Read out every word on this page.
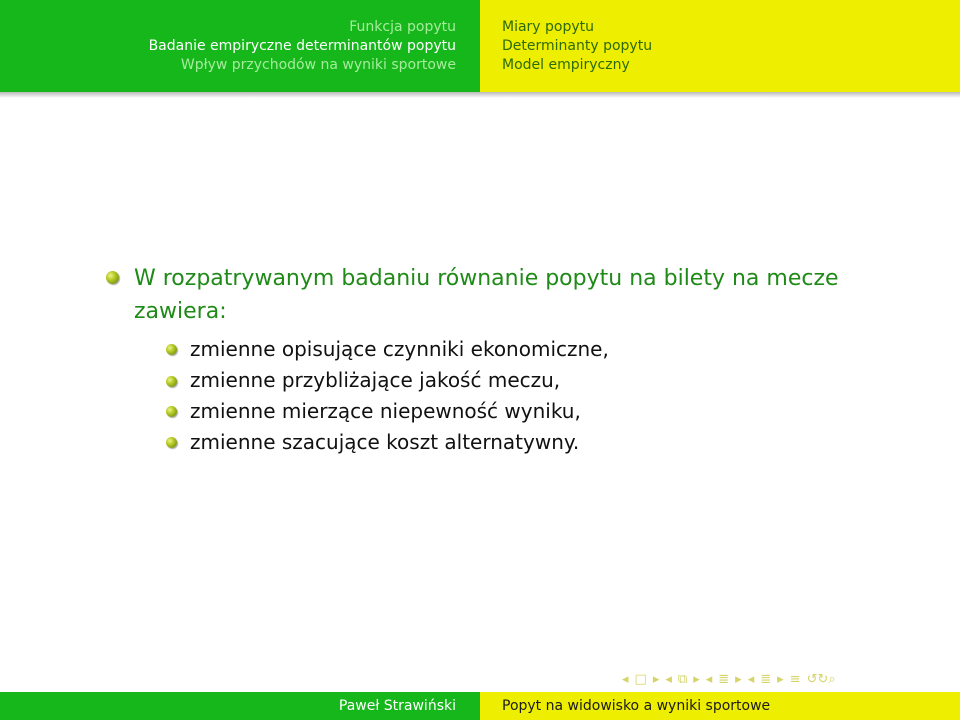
Funkcja popytu
Badanie empiryczne determinantów popytu
Wpływ przychodów na wyniki sportowe
Miary popytu
Determinanty popytu
Model empiryczny
W rozpatrywanym badaniu równanie popytu na bilety na mecze zawiera:
zmienne opisujące czynniki ekonomiczne,
zmienne przybliżające jakość meczu,
zmienne mierzące niepewność wyniku,
zmienne szacujące koszt alternatywny.
◂ □ ▸ ◂ ⧉ ▸ ◂ ≣ ▸ ◂ ≣ ▸ ≡ ↺↻⌕
Paweł Strawiński	Popyt na widowisko a wyniki sportowe
